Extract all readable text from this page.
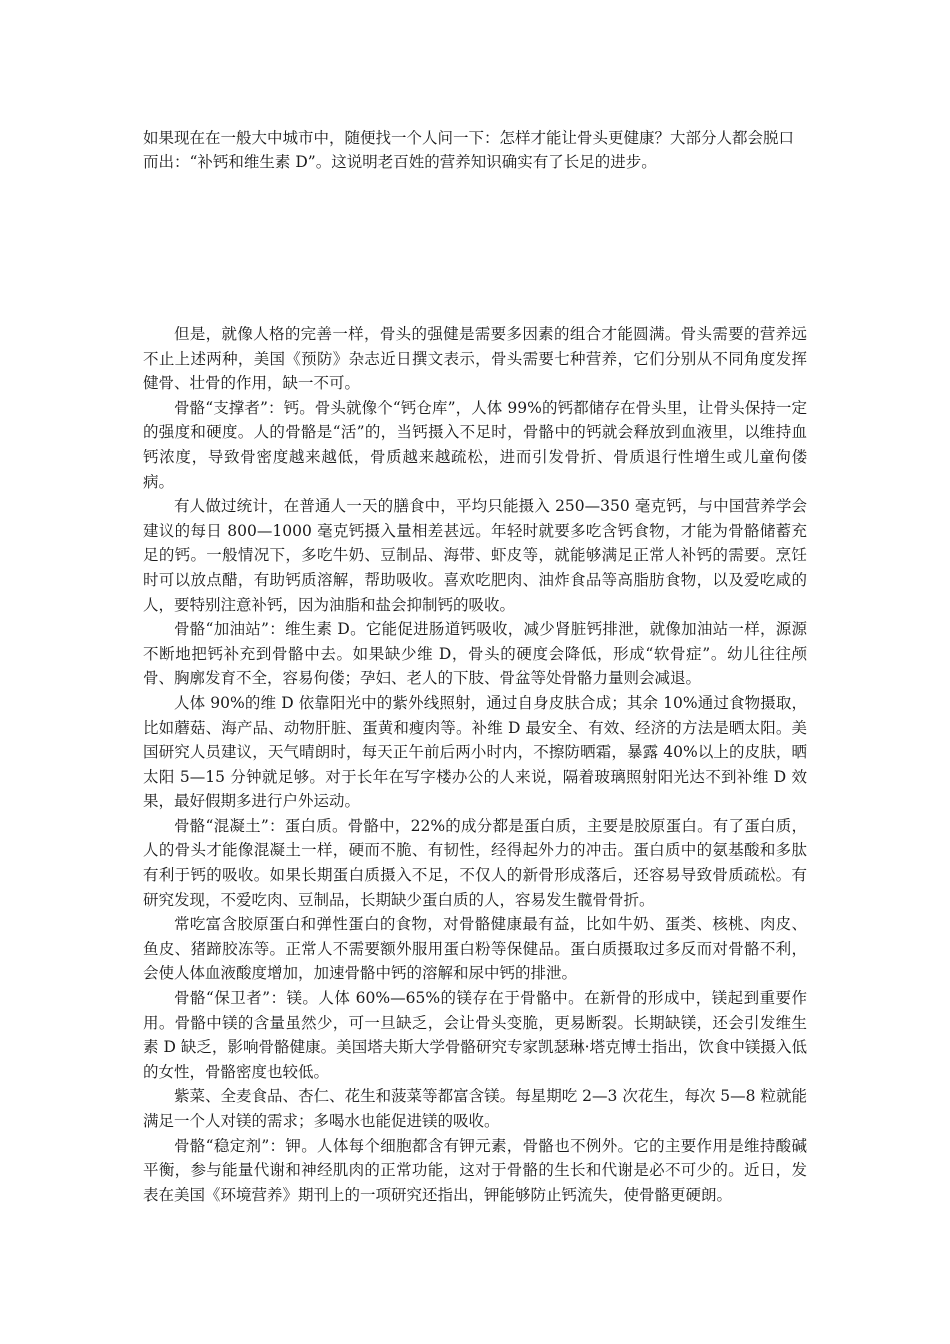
如果现在在一般大中城市中，随便找一个人问一下：怎样才能让骨头更健康？大部分人都会脱口而出：“补钙和维生素 D”。这说明老百姓的营养知识确实有了长足的进步。

但是，就像人格的完善一样，骨头的强健是需要多因素的组合才能圆满。骨头需要的营养远不止上述两种，美国《预防》杂志近日撰文表示，骨头需要七种营养，它们分别从不同角度发挥健骨、壮骨的作用，缺一不可。

骨骼“支撑者”：钙。骨头就像个“钙仓库”，人体 99%的钙都储存在骨头里，让骨头保持一定的强度和硬度。人的骨骼是“活”的，当钙摄入不足时，骨骼中的钙就会释放到血液里，以维持血钙浓度，导致骨密度越来越低，骨质越来越疏松，进而引发骨折、骨质退行性增生或儿童佝偻病。

有人做过统计，在普通人一天的膳食中，平均只能摄入 250—350 毫克钙，与中国营养学会建议的每日 800—1000 毫克钙摄入量相差甚远。年轻时就要多吃含钙食物，才能为骨骼储蓄充足的钙。一般情况下，多吃牛奶、豆制品、海带、虾皮等，就能够满足正常人补钙的需要。烹饪时可以放点醋，有助钙质溶解，帮助吸收。喜欢吃肥肉、油炸食品等高脂肪食物，以及爱吃咸的人，要特别注意补钙，因为油脂和盐会抑制钙的吸收。

骨骼“加油站”：维生素 D。它能促进肠道钙吸收，减少肾脏钙排泄，就像加油站一样，源源不断地把钙补充到骨骼中去。如果缺少维 D，骨头的硬度会降低，形成“软骨症”。幼儿往往颅骨、胸廓发育不全，容易佝偻；孕妇、老人的下肢、骨盆等处骨骼力量则会减退。

人体 90%的维 D 依靠阳光中的紫外线照射，通过自身皮肤合成；其余 10%通过食物摄取，比如蘑菇、海产品、动物肝脏、蛋黄和瘦肉等。补维 D 最安全、有效、经济的方法是晒太阳。美国研究人员建议，天气晴朗时，每天正午前后两小时内，不擦防晒霜，暴露 40%以上的皮肤，晒太阳 5—15 分钟就足够。对于长年在写字楼办公的人来说，隔着玻璃照射阳光达不到补维 D 效果，最好假期多进行户外运动。

骨骼“混凝土”：蛋白质。骨骼中，22%的成分都是蛋白质，主要是胶原蛋白。有了蛋白质，人的骨头才能像混凝土一样，硬而不脆、有韧性，经得起外力的冲击。蛋白质中的氨基酸和多肽有利于钙的吸收。如果长期蛋白质摄入不足，不仅人的新骨形成落后，还容易导致骨质疏松。有研究发现，不爱吃肉、豆制品，长期缺少蛋白质的人，容易发生髋骨骨折。

常吃富含胶原蛋白和弹性蛋白的食物，对骨骼健康最有益，比如牛奶、蛋类、核桃、肉皮、鱼皮、猪蹄胶冻等。正常人不需要额外服用蛋白粉等保健品。蛋白质摄取过多反而对骨骼不利，会使人体血液酸度增加，加速骨骼中钙的溶解和尿中钙的排泄。

骨骼“保卫者”：镁。人体 60%—65%的镁存在于骨骼中。在新骨的形成中，镁起到重要作用。骨骼中镁的含量虽然少，可一旦缺乏，会让骨头变脆，更易断裂。长期缺镁，还会引发维生素 D 缺乏，影响骨骼健康。美国塔夫斯大学骨骼研究专家凯瑟琳·塔克博士指出，饮食中镁摄入低的女性，骨骼密度也较低。

紫菜、全麦食品、杏仁、花生和菠菜等都富含镁。每星期吃 2—3 次花生，每次 5—8 粒就能满足一个人对镁的需求；多喝水也能促进镁的吸收。

骨骼“稳定剂”：钾。人体每个细胞都含有钾元素，骨骼也不例外。它的主要作用是维持酸碱平衡，参与能量代谢和神经肌肉的正常功能，这对于骨骼的生长和代谢是必不可少的。近日，发表在美国《环境营养》期刊上的一项研究还指出，钾能够防止钙流失，使骨骼更硬朗。
